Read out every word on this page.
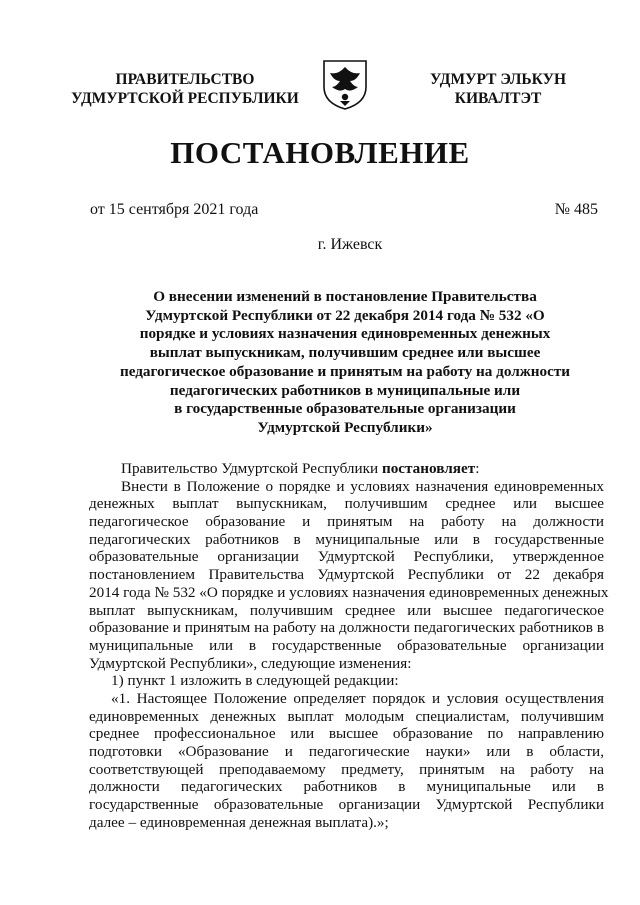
ПРАВИТЕЛЬСТВО
УДМУРТСКОЙ РЕСПУБЛИКИ
УДМУРТ ЭЛЬКУН
КИВАЛТЭТ
ПОСТАНОВЛЕНИЕ
от 15 сентября 2021 года	№ 485
г. Ижевск
О внесении изменений в постановление Правительства
Удмуртской Республики от 22 декабря 2014 года № 532 «О
порядке и условиях назначения единовременных денежных
выплат выпускникам, получившим среднее или высшее
педагогическое образование и принятым на работу на должности
педагогических работников в муниципальные или
в государственные образовательные организации
Удмуртской Республики»
Правительство Удмуртской Республики постановляет:
Внести в Положение о порядке и условиях назначения единовременных
денежных выплат выпускникам, получившим среднее или высшее
педагогическое образование и принятым на работу на должности
педагогических работников в муниципальные или в государственные
образовательные организации Удмуртской Республики, утвержденное
постановлением Правительства Удмуртской Республики от 22 декабря
2014 года № 532 «О порядке и условиях назначения единовременных денежных
выплат выпускникам, получившим среднее или высшее педагогическое
образование и принятым на работу на должности педагогических работников в
муниципальные или в государственные образовательные организации
Удмуртской Республики», следующие изменения:
1) пункт 1 изложить в следующей редакции:
«1. Настоящее Положение определяет порядок и условия осуществления
единовременных денежных выплат молодым специалистам, получившим
среднее профессиональное или высшее образование по направлению
подготовки «Образование и педагогические науки» или в области,
соответствующей преподаваемому предмету, принятым на работу на
должности педагогических работников в муниципальные или в
государственные образовательные организации Удмуртской Республики
далее – единовременная денежная выплата).»;
